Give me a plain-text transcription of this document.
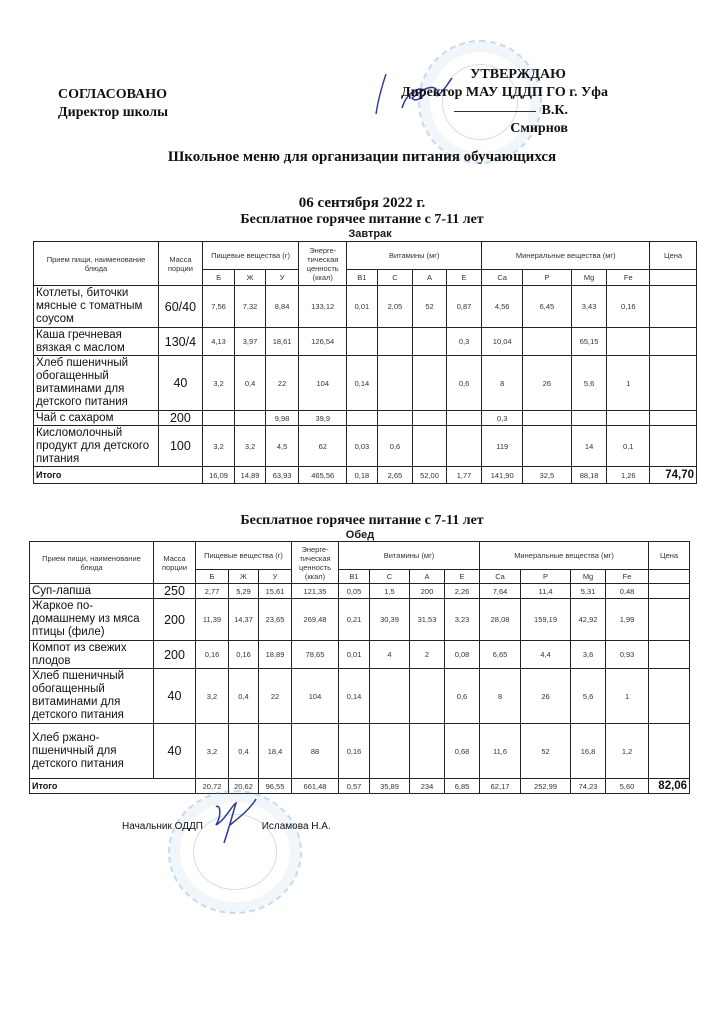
СОГЛАСОВАНО
Директор школы
УТВЕРЖДАЮ
Директор МАУ ЦДДП ГО г. Уфа
В.К. Смирнов
Школьное меню для организации питания обучающихся
06 сентября 2022 г.
Бесплатное горячее питание с 7-11 лет
Завтрак
Прием пищи, наименование блюда	Масса порции	Пищевые вещества (г)			Энерге-тическая ценность (ккал)	Витамины (мг)				Минеральные вещества (мг)				Цена
		Б	Ж	У		B1	C	A	E	Ca	P	Mg	Fe	
Котлеты, биточки мясные с томатным соусом	60/40	7,56	7,32	8,84	133,12	0,01	2,05	52	0,87	4,56	6,45	3,43	0,16	
Каша гречневая вязкая с маслом	130/4	4,13	3,97	18,61	126,54				0,3	10,04		65,15		
Хлеб пшеничный обогащенный витаминами для детского питания	40	3,2	0,4	22	104	0,14			0,6	8	26	5,6	1	
Чай с сахаром	200			9,98	39,9					0,3				
Кисломолочный продукт для детского питания	100	3,2	3,2	4,5	62	0,03	0,6			119		14	0,1	
Итого		16,09	14,89	63,93	465,56	0,18	2,65	52,00	1,77	141,90	32,5	88,18	1,26	74,70
Бесплатное горячее питание с 7-11 лет
Обед
Прием пищи, наименование блюда	Масса порции	Пищевые вещества (г)			Энерге-тическая ценность (ккал)	Витамины (мг)				Минеральные вещества (мг)				Цена
		Б	Ж	У		B1	C	A	E	Ca	P	Mg	Fe	
Суп-лапша	250	2,77	5,29	15,61	121,35	0,05	1,5	200	2,26	7,64	11,4	5,31	0,48	
Жаркое по-домашнему из мяса птицы (филе)	200	11,39	14,37	23,65	269,48	0,21	30,39	31,53	3,23	28,08	159,19	42,92	1,99	
Компот из свежих плодов	200	0,16	0,16	18,89	78,65	0,01	4	2	0,08	6,65	4,4	3,6	0,93	
Хлеб пшеничный обогащенный витаминами для детского питания	40	3,2	0,4	22	104	0,14			0,6	8	26	5,6	1	
Хлеб ржано-пшеничный для детского питания	40	3,2	0,4	18,4	88	0,16			0,68	11,6	52	16,8	1,2	
Итого		20,72	20,62	96,55	661,48	0,57	35,89	234	6,85	62,17	252,99	74,23	5,60	82,06
Начальник ОДДП	Исламова Н.А.
